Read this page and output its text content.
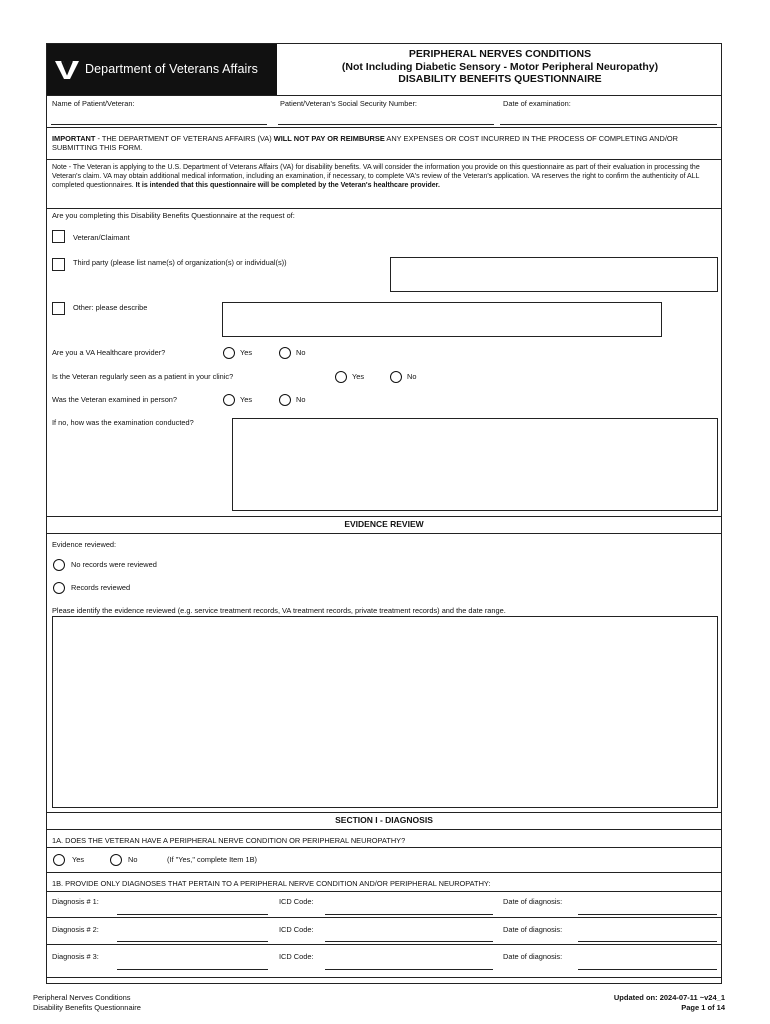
Department of Veterans Affairs
PERIPHERAL NERVES CONDITIONS
(Not Including Diabetic Sensory - Motor Peripheral Neuropathy)
DISABILITY BENEFITS QUESTIONNAIRE
Name of Patient/Veteran:	Patient/Veteran's Social Security Number:	Date of examination:
IMPORTANT - THE DEPARTMENT OF VETERANS AFFAIRS (VA) WILL NOT PAY OR REIMBURSE ANY EXPENSES OR COST INCURRED IN THE PROCESS OF COMPLETING AND/OR SUBMITTING THIS FORM.
Note - The Veteran is applying to the U.S. Department of Veterans Affairs (VA) for disability benefits. VA will consider the information you provide on this questionnaire as part of their evaluation in processing the Veteran's claim. VA may obtain additional medical information, including an examination, if necessary, to complete VA's review of the Veteran's application. VA reserves the right to confirm the authenticity of ALL completed questionnaires. It is intended that this questionnaire will be completed by the Veteran's healthcare provider.
Are you completing this Disability Benefits Questionnaire at the request of:
Veteran/Claimant
Third party (please list name(s) of organization(s) or individual(s))
Other: please describe
Are you a VA Healthcare provider?	Yes	No
Is the Veteran regularly seen as a patient in your clinic?	Yes	No
Was the Veteran examined in person?	Yes	No
If no, how was the examination conducted?
EVIDENCE REVIEW
Evidence reviewed:
No records were reviewed
Records reviewed
Please identify the evidence reviewed (e.g. service treatment records, VA treatment records, private treatment records) and the date range.
SECTION I - DIAGNOSIS
1A. DOES THE VETERAN HAVE A PERIPHERAL NERVE CONDITION OR PERIPHERAL NEUROPATHY?
Yes	No	(If "Yes," complete Item 1B)
1B. PROVIDE ONLY DIAGNOSES THAT PERTAIN TO A PERIPHERAL NERVE CONDITION AND/OR PERIPHERAL NEUROPATHY:
Diagnosis # 1:	ICD Code:	Date of diagnosis:
Diagnosis # 2:	ICD Code:	Date of diagnosis:
Diagnosis # 3:	ICD Code:	Date of diagnosis:
Peripheral Nerves Conditions
Disability Benefits Questionnaire
Updated on: 2024-07-11 ~v24_1
Page 1 of 14
